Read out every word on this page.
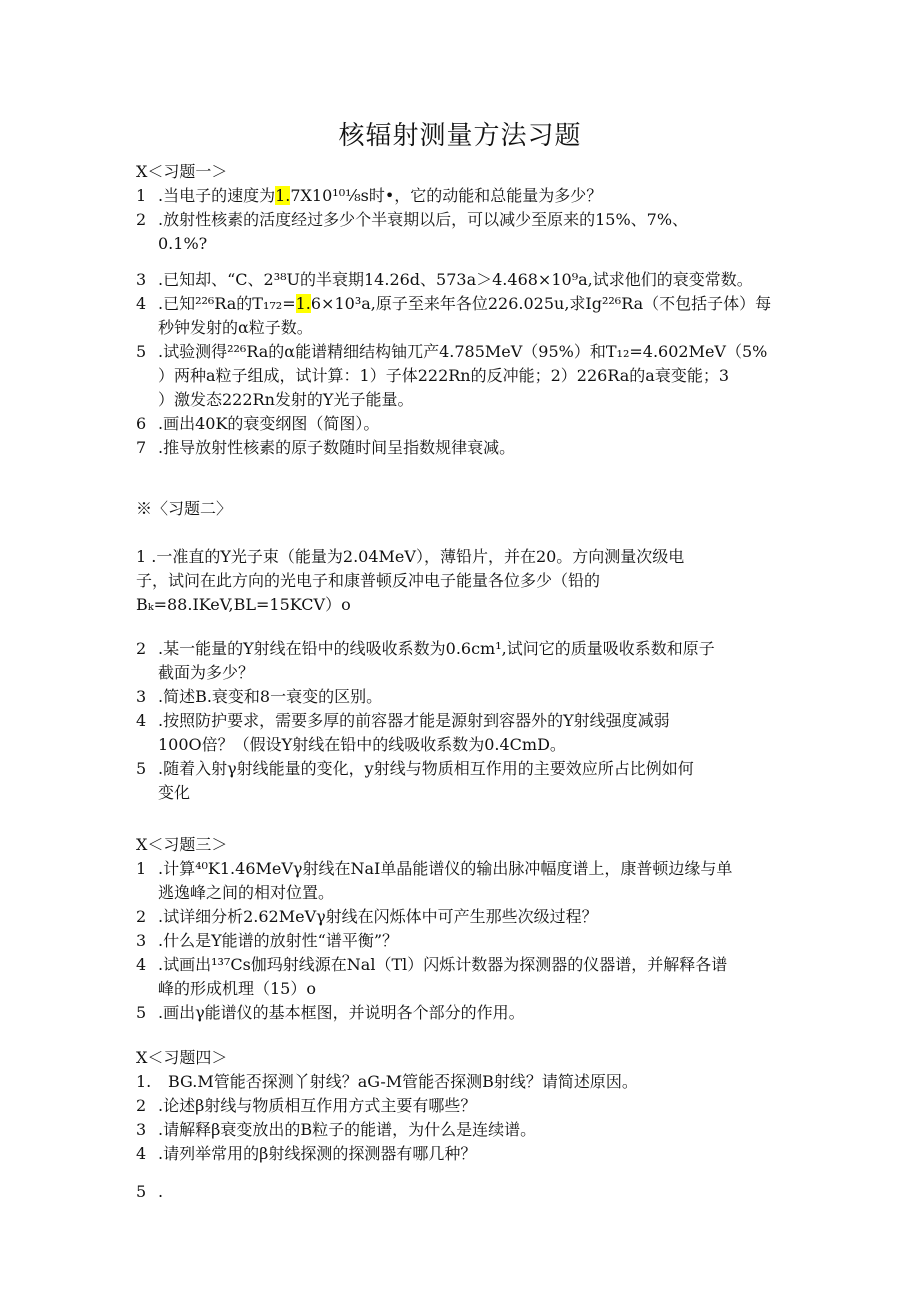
核辐射测量方法习题
X＜习题一＞
1 .当电子的速度为1.7X10¹⁰⅛s时•，它的动能和总能量为多少？
2 .放射性核素的活度经过多少个半衰期以后，可以减少至原来的15%、7%、
0.1%?
3 .已知却、“C、2³⁸U的半衰期14.26d、573a＞4.468×10⁹a,试求他们的衰变常数。
4 .已知²²⁶Ra的T₁₇₂=1.6×10³a,原子至来年各位226.025u,求Ig²²⁶Ra（不包括子体）每
秒钟发射的α粒子数。
5 .试验测得²²⁶Ra的α能谱精细结构铀兀产4.785MeV（95%）和T₁₂=4.602MeV（5%
）两种a粒子组成，试计算：1）子体222Rn的反冲能；2）226Ra的a衰变能；3
）激发态222Rn发射的Y光子能量。
6 .画出40K的衰变纲图（简图）。
7 .推导放射性核素的原子数随时间呈指数规律衰减。
※〈习题二〉
1 .一准直的Y光子束（能量为2.04MeV），薄铅片，并在20。方向测量次级电
子，试问在此方向的光电子和康普顿反冲电子能量各位多少（铅的
Bₖ=88.IKeV,BL=15KCV）o
2 .某一能量的Y射线在铅中的线吸收系数为0.6cm¹,试问它的质量吸收系数和原子
截面为多少？
3 .简述B.衰变和8一衰变的区别。
4 .按照防护要求，需要多厚的前容器才能是源射到容器外的Y射线强度减弱
100O倍？（假设Y射线在铅中的线吸收系数为0.4CmD。
5 .随着入射γ射线能量的变化，y射线与物质相互作用的主要效应所占比例如何
变化
X＜习题三＞
1 .计算⁴⁰K1.46MeVγ射线在NaI单晶能谱仪的输出脉冲幅度谱上，康普顿边缘与单
逃逸峰之间的相对位置。
2 .试详细分析2.62MeVγ射线在闪烁体中可产生那些次级过程？
3 .什么是Y能谱的放射性“谱平衡”？
4 .试画出¹³⁷Cs伽玛射线源在Nal（Tl）闪烁计数器为探测器的仪器谱，并解释各谱
峰的形成机理（15）o
5 .画出γ能谱仪的基本框图，并说明各个部分的作用。
X＜习题四＞
1.	BG.M管能否探测丫射线？aG-M管能否探测B射线？请简述原因。
2 .论述β射线与物质相互作用方式主要有哪些？
3 .请解释β衰变放出的B粒子的能谱，为什么是连续谱。
4 .请列举常用的β射线探测的探测器有哪几种？
5 .
